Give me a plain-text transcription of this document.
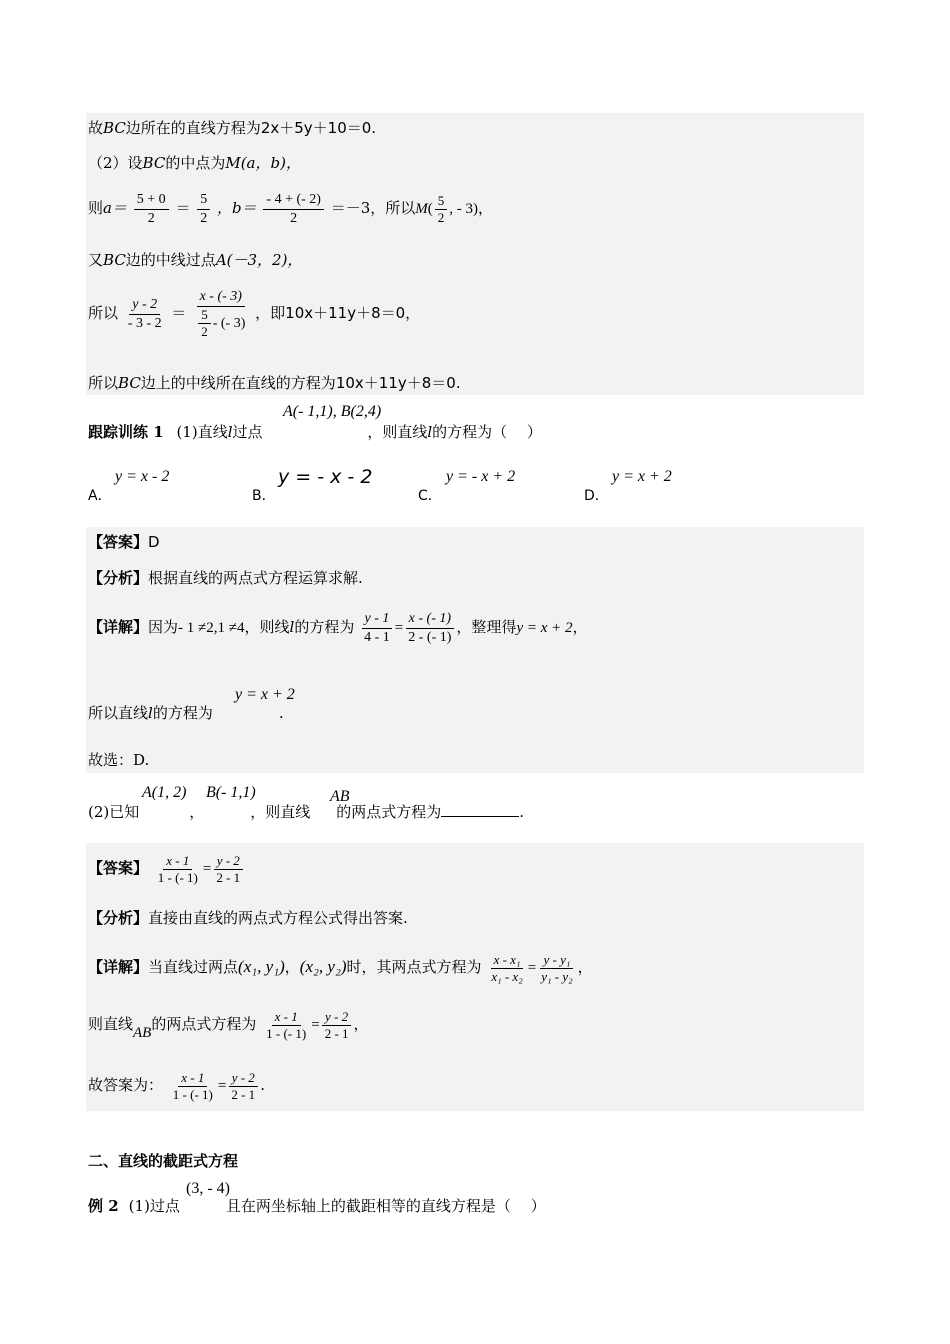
故BC边所在的直线方程为2x＋5y＋10＝0.
（2）设BC的中点为M(a，b)，
则$a= \frac{5 + 0}{2} = \frac{5}{2}$ ，$b= \frac{- 4 + (- 2)}{2} =-3$，所以$M( \frac{5}{2}$ , - 3)，
又BC边的中线过点A(－3，2)，
所以 $\frac{y - 2}{- 3 - 2} = \frac{x - (- 3)}{\frac{5}{2} - (- 3)}$ ，即10x＋11y＋8＝0，
所以BC边上的中线所在直线的方程为10x＋11y＋8＝0.
A(- 1,1), B(2,4)
跟踪训练 1 (1)直线l过点	，则直线l的方程为（　 ）
A．
y = x - 2
B．
y = - x - 2
C．
y = - x + 2
D．
y = x + 2
【答案】D
【分析】根据直线的两点式方程运算求解.
【详解】因为- 1 ≠2,1 ≠4，则线l的方程为 $\frac{y - 1}{4 - 1} = \frac{x - (- 1)}{2 - (- 1)}$ ，整理得y = x + 2，
y = x + 2
所以直线l的方程为	.
故选：D.
A(1, 2) B(- 1,1)	AB
(2)已知	，	，则直线 的两点式方程为	.
【答案】 $\frac{x - 1}{1 - (- 1)} = \frac{y - 2}{2 - 1}$
【分析】直接由直线的两点式方程公式得出答案.
【详解】当直线过两点(x₁, y₁)，(x₂, y₂)时，其两点式方程为 $\frac{\text{x - x₁}}{\text{x₁ - x₂}} = \frac{\text{y - y₁}}{\text{y₁ - y₂}}$ ，
则直线AB的两点式方程为 $\frac{x - 1}{1 - (- 1)} = \frac{y - 2}{2 - 1}$ ，
故答案为： $\frac{x - 1}{1 - (- 1)} = \frac{y - 2}{2 - 1}$ .
二、直线的截距式方程
(3, - 4)
例 2 (1)过点	且在两坐标轴上的截距相等的直线方程是（　 ）
